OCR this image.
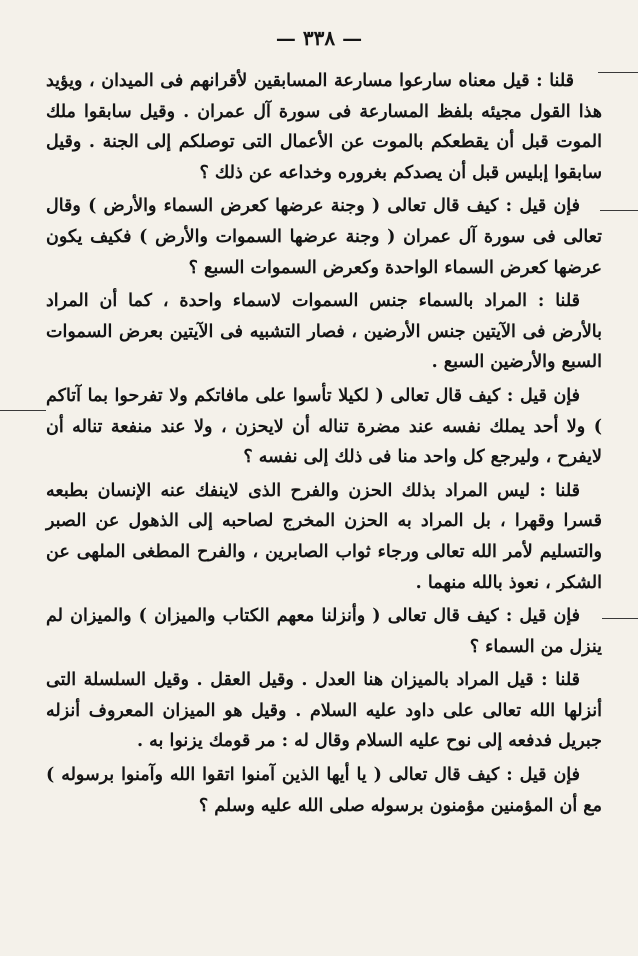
— ٣٣٨ —

قلنا : قيل معناه سارعوا مسارعة المسابقين لأقرانهم فى الميدان ، ويؤيد هذا القول مجيئه بلفظ المسارعة فى سورة آل عمران . وقيل سابقوا ملك الموت قبل أن يقطعكم بالموت عن الأعمال التى توصلكم إلى الجنة . وقيل سابقوا إبليس قبل أن يصدكم بغروره وخداعه عن ذلك ؟

فإن قيل : كيف قال تعالى ( وجنة عرضها كعرض السماء والأرض ) وقال تعالى فى سورة آل عمران ( وجنة عرضها السموات والأرض ) فكيف يكون عرضها كعرض السماء الواحدة وكعرض السموات السبع ؟

قلنا : المراد بالسماء جنس السموات لاسماء واحدة ، كما أن المراد بالأرض فى الآيتين جنس الأرضين ، فصار التشبيه فى الآيتين بعرض السموات السبع والأرضين السبع .

فإن قيل : كيف قال تعالى ( لكيلا تأسوا على مافاتكم ولا تفرحوا بما آتاكم ) ولا أحد يملك نفسه عند مضرة تناله أن لايحزن ، ولا عند منفعة تناله أن لايفرح ، وليرجع كل واحد منا فى ذلك إلى نفسه ؟

قلنا : ليس المراد بذلك الحزن والفرح الذى لاينفك عنه الإنسان بطبعه قسرا وقهرا ، بل المراد به الحزن المخرج لصاحبه إلى الذهول عن الصبر والتسليم لأمر الله تعالى ورجاء ثواب الصابرين ، والفرح المطغى الملهى عن الشكر ، نعوذ بالله منهما .

فإن قيل : كيف قال تعالى ( وأنزلنا معهم الكتاب والميزان ) والميزان لم ينزل من السماء ؟

قلنا : قيل المراد بالميزان هنا العدل . وقيل العقل . وقيل السلسلة التى أنزلها الله تعالى على داود عليه السلام . وقيل هو الميزان المعروف أنزله جبريل فدفعه إلى نوح عليه السلام وقال له : مر قومك يزنوا به .

فإن قيل : كيف قال تعالى ( يا أيها الذين آمنوا اتقوا الله وآمنوا برسوله ) مع أن المؤمنين مؤمنون برسوله صلى الله عليه وسلم ؟
